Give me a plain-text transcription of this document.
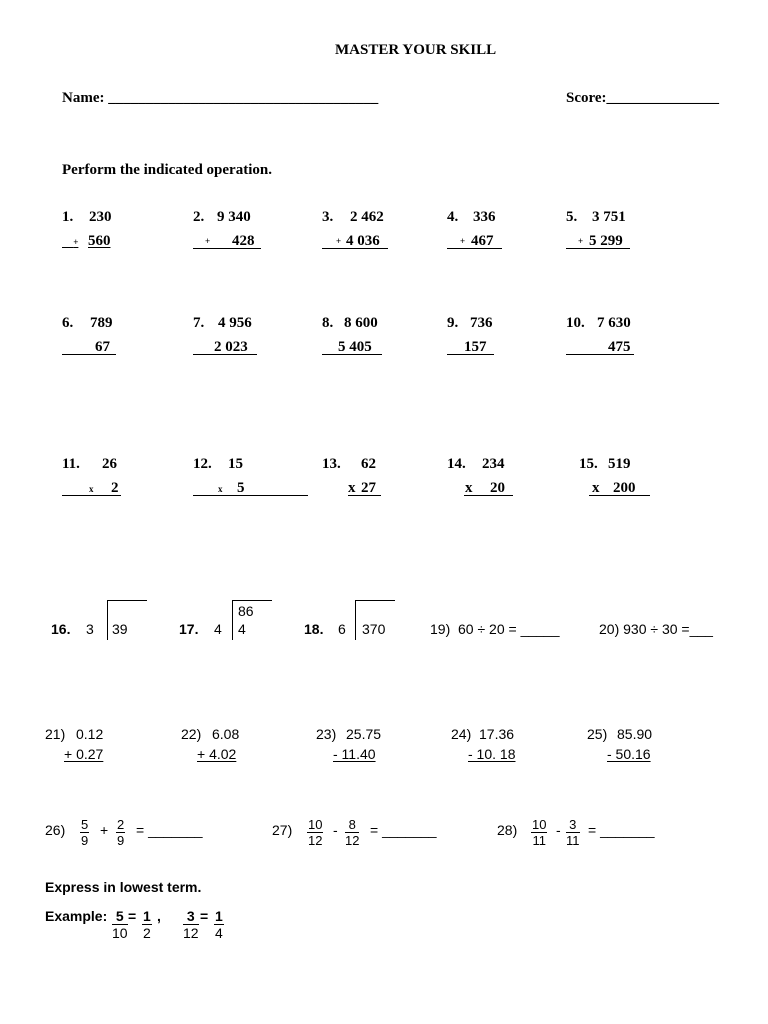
MASTER YOUR SKILL
Name: ____________________________________	Score:_______________
Perform the indicated operation.
1. 230
+ 560
2. 9 340
+ 428
3. 2 462
+ 4 036
4. 336
+ 467
5. 3 751
+ 5 299
6. 789
67
7. 4 956
2 023
8. 8 600
5 405
9. 736
157
10. 7 630
475
11. 26
x 2
12. 15
x 5
13. 62
x 27
14. 234
x 20
15. 519
x 200
16. 3 39	17. 4
86
4	18. 6 370	19)  60 ÷ 20 = _____	20) 930 ÷ 30 =___
21) 0.12
+ 0.27
22) 6.08
+ 4.02
23) 25.75
- 11.40
24) 17.36
- 10. 18
25) 85.90
- 50.16
$26) \frac{5}{9} + \frac{2}{9}$ = _______	$27) \frac{10}{12} - \frac{8}{12}$ = _______	$28) \frac{10}{11} - \frac{3}{11}$ = _______
Express in lowest term.
Example: $\frac{5}{10} = \frac{1}{2}$ , $\frac{3}{12} = \frac{1}{4}$
